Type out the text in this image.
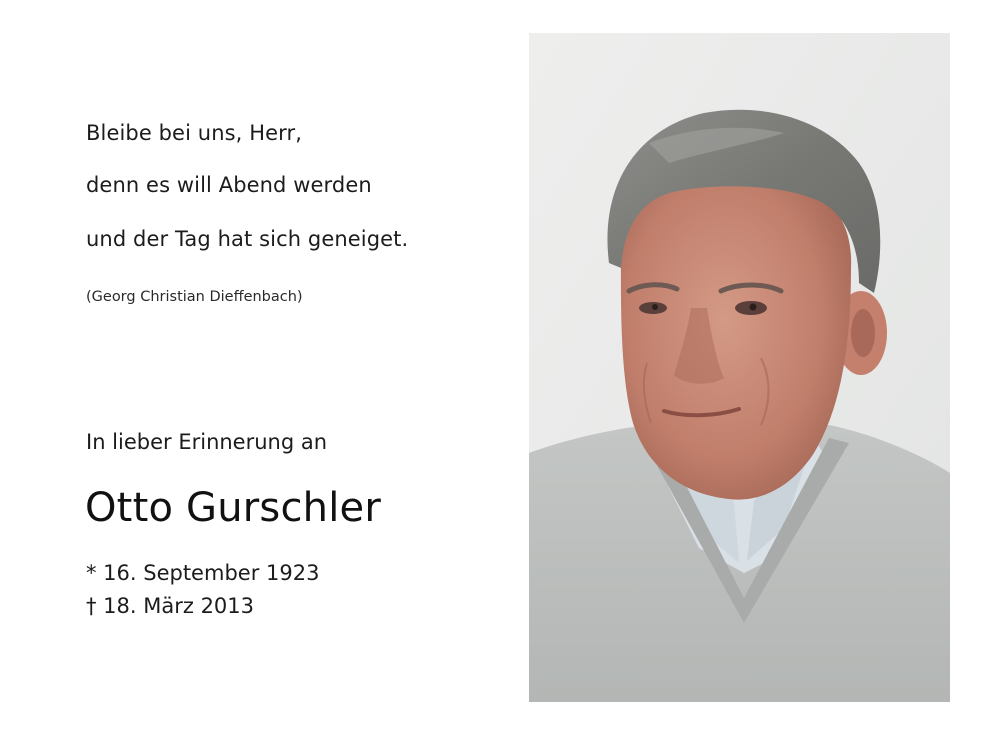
Bleibe bei uns, Herr,
denn es will Abend werden
und der Tag hat sich geneiget.
(Georg Christian Dieffenbach)
In lieber Erinnerung an
Otto Gurschler
* 16. September 1923
† 18. März 2013
